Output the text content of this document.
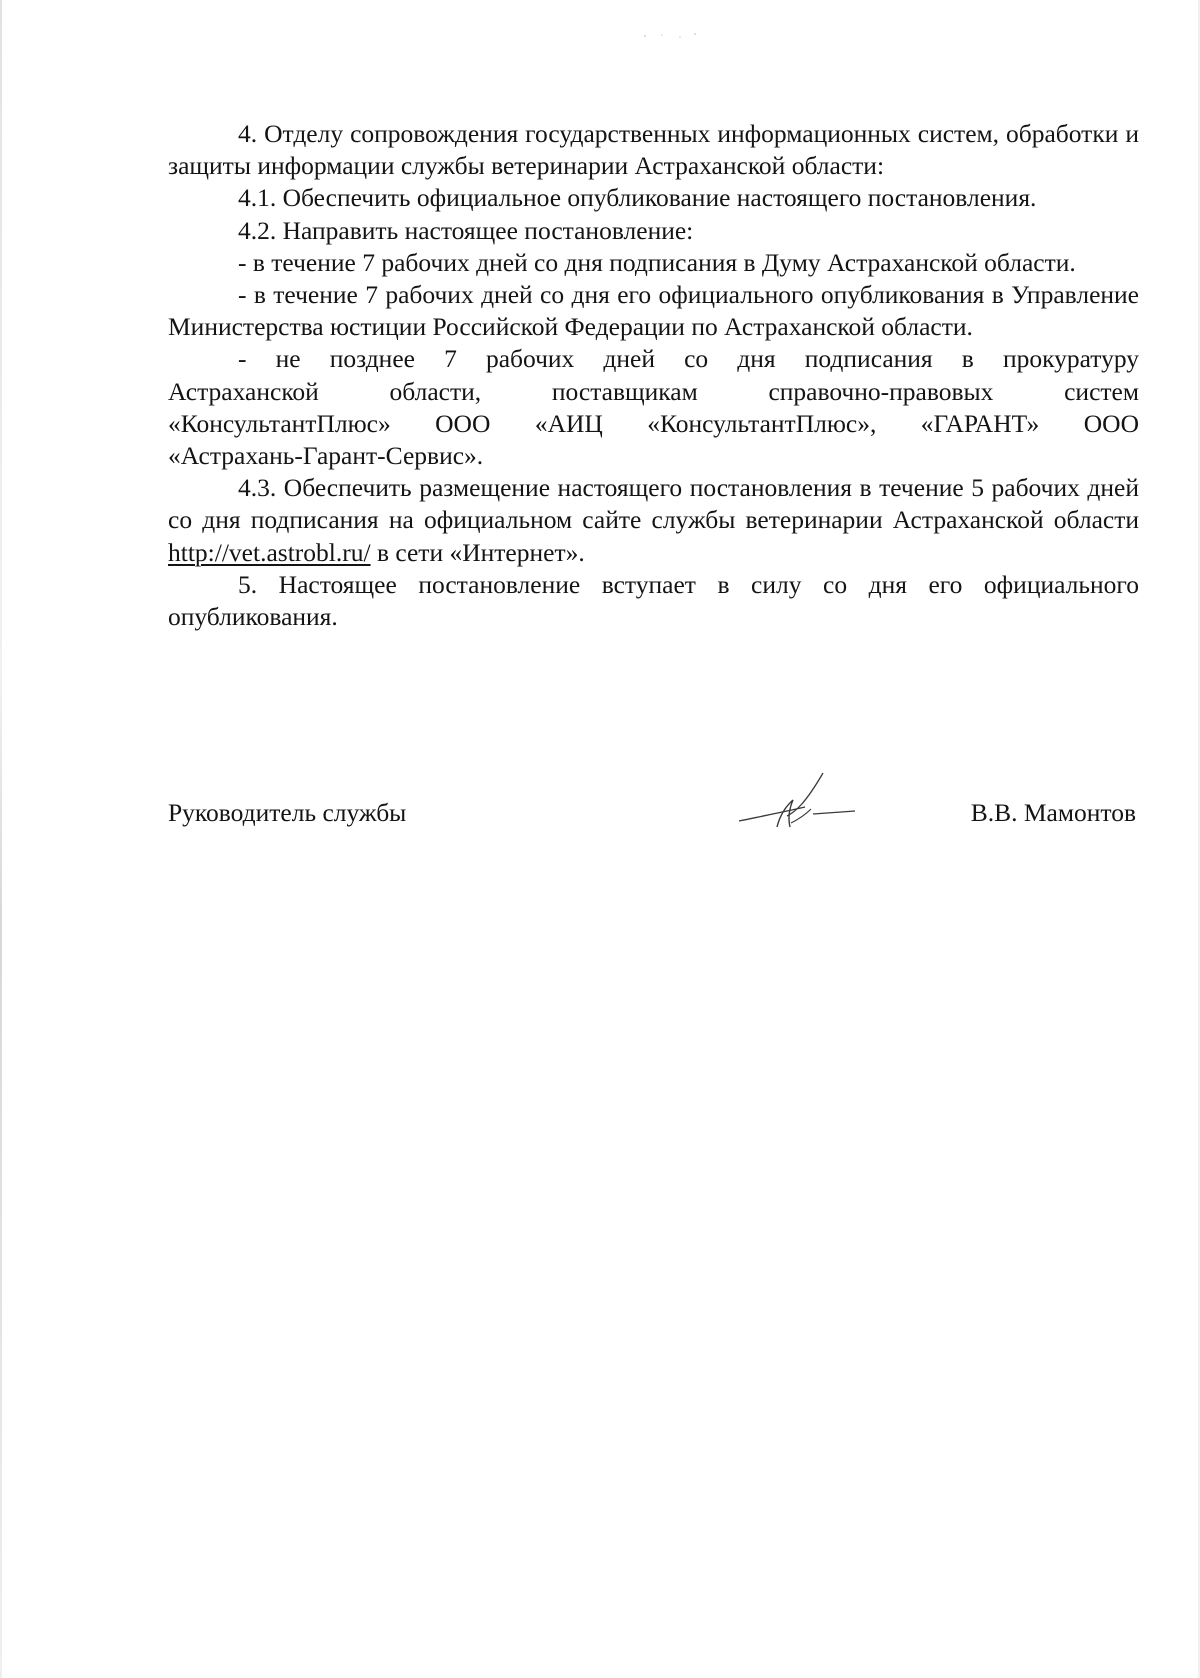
4. Отделу сопровождения государственных информационных систем, обработки и защиты информации службы ветеринарии Астраханской области:

4.1. Обеспечить официальное опубликование настоящего постановления.

4.2. Направить настоящее постановление:

- в течение 7 рабочих дней со дня подписания в Думу Астраханской области.

- в течение 7 рабочих дней со дня его официального опубликования в Управление Министерства юстиции Российской Федерации по Астраханской области.

- не позднее 7 рабочих дней со дня подписания в прокуратуру

Астраханской области, поставщикам справочно-правовых систем

«КонсультантПлюс» ООО «АИЦ «КонсультантПлюс», «ГАРАНТ» ООО

«Астрахань-Гарант-Сервис».

4.3. Обеспечить размещение настоящего постановления в течение 5 рабочих дней со дня подписания на официальном сайте службы ветеринарии Астраханской области http://vet.astrobl.ru/ в сети «Интернет».

5. Настоящее постановление вступает в силу со дня его официального опубликования.

Руководитель службы	В.В. Мамонтов
